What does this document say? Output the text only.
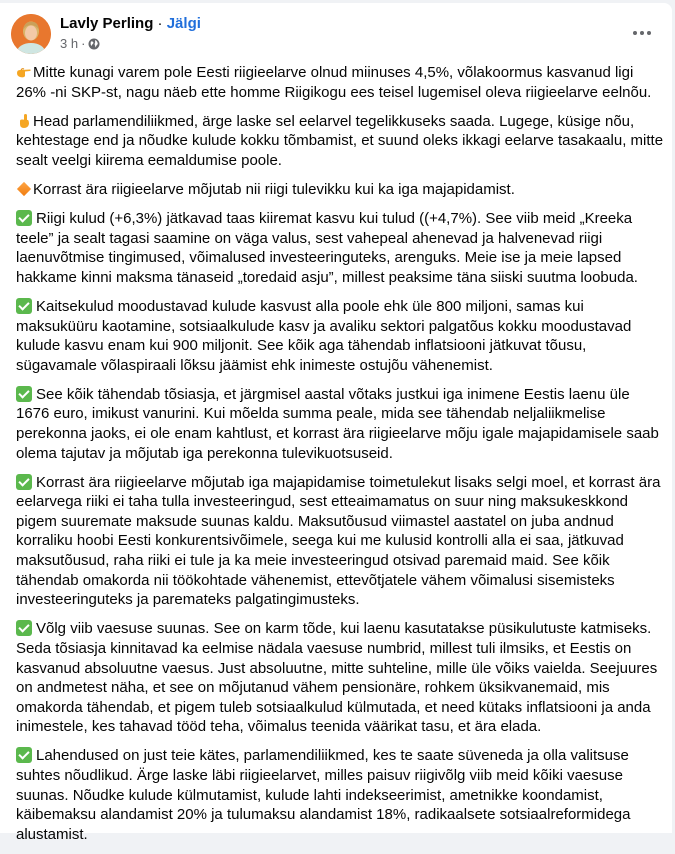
Lavly Perling · Jälgi
3 h ·

Mitte kunagi varem pole Eesti riigieelarve olnud miinuses 4,5%, võlakoormus kasvanud ligi 26% -ni SKP-st, nagu näeb ette homme Riigikogu ees teisel lugemisel oleva riigieelarve eelnõu.

Head parlamendiliikmed, ärge laske sel eelarvel tegelikkuseks saada. Lugege, küsige nõu, kehtestage end ja nõudke kulude kokku tõmbamist, et suund oleks ikkagi eelarve tasakaalu, mitte sealt veelgi kiirema eemaldumise poole.

Korrast ära riigieelarve mõjutab nii riigi tulevikku kui ka iga majapidamist.

Riigi kulud (+6,3%) jätkavad taas kiiremat kasvu kui tulud ((+4,7%). See viib meid „Kreeka teele” ja sealt tagasi saamine on väga valus, sest vahepeal ahenevad ja halvenevad riigi laenuvõtmise tingimused, võimalused investeeringuteks, arenguks. Meie ise ja meie lapsed hakkame kinni maksma tänaseid „toredaid asju”, millest peaksime täna siiski suutma loobuda.

Kaitsekulud moodustavad kulude kasvust alla poole ehk üle 800 miljoni, samas kui maksuküüru kaotamine, sotsiaalkulude kasv ja avaliku sektori palgatõus kokku moodustavad kulude kasvu enam kui 900 miljonit. See kõik aga tähendab inflatsiooni jätkuvat tõusu, sügavamale võlaspiraali lõksu jäämist ehk inimeste ostujõu vähenemist.

See kõik tähendab tõsiasja, et järgmisel aastal võtaks justkui iga inimene Eestis laenu üle 1676 euro, imikust vanurini. Kui mõelda summa peale, mida see tähendab neljaliikmelise perekonna jaoks, ei ole enam kahtlust, et korrast ära riigieelarve mõju igale majapidamisele saab olema tajutav ja mõjutab iga perekonna tulevikuotsuseid.

Korrast ära riigieelarve mõjutab iga majapidamise toimetulekut lisaks selgi moel, et korrast ära eelarvega riiki ei taha tulla investeeringud, sest etteaimamatus on suur ning maksukeskkond pigem suuremate maksude suunas kaldu. Maksutõusud viimastel aastatel on juba andnud korraliku hoobi Eesti konkurentsivõimele, seega kui me kulusid kontrolli alla ei saa, jätkuvad maksutõusud, raha riiki ei tule ja ka meie investeeringud otsivad paremaid maid. See kõik tähendab omakorda nii töökohtade vähenemist, ettevõtjatele vähem võimalusi sisemisteks investeeringuteks ja paremateks palgatingimusteks.

Võlg viib vaesuse suunas. See on karm tõde, kui laenu kasutatakse püsikulutuste katmiseks. Seda tõsiasja kinnitavad ka eelmise nädala vaesuse numbrid, millest tuli ilmsiks, et Eestis on kasvanud absoluutne vaesus. Just absoluutne, mitte suhteline, mille üle võiks vaielda. Seejuures on andmetest näha, et see on mõjutanud vähem pensionäre, rohkem üksikvanemaid, mis omakorda tähendab, et pigem tuleb sotsiaalkulud külmutada, et need kütaks inflatsiooni ja anda inimestele, kes tahavad tööd teha, võimalus teenida väärikat tasu, et ära elada.

Lahendused on just teie kätes, parlamendiliikmed, kes te saate süveneda ja olla valitsuse suhtes nõudlikud. Ärge laske läbi riigieelarvet, milles paisuv riigivõlg viib meid kõiki vaesuse suunas. Nõudke kulude külmutamist, kulude lahti indekseerimist, ametnikke koondamist, käibemaksu alandamist 20% ja tulumaksu alandamist 18%, radikaalsete sotsiaalreformidega alustamist.
